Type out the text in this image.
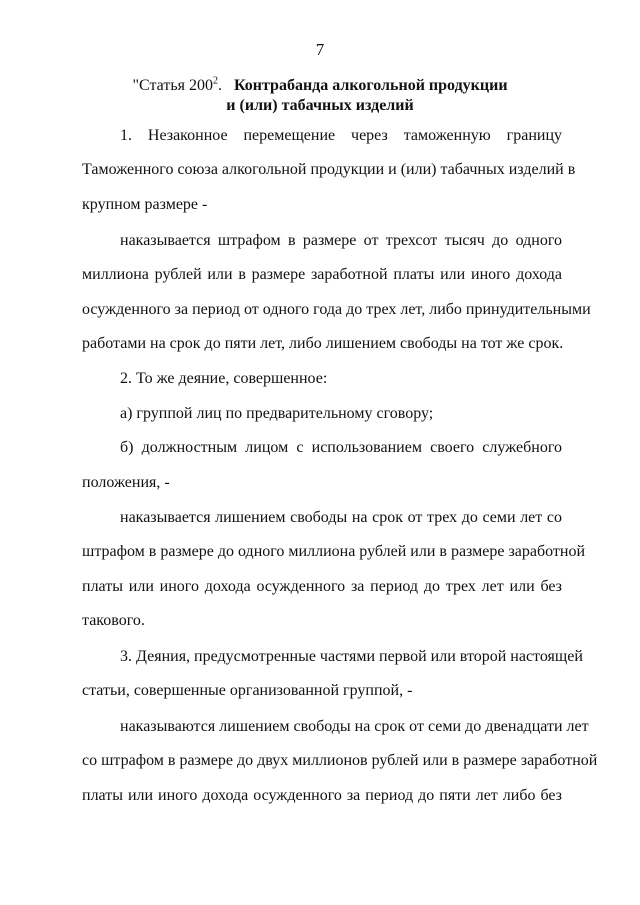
7
"Статья $200^2$. Контрабанда алкогольной продукции
и (или) табачных изделий
1. Незаконное перемещение через таможенную границу
Таможенного союза алкогольной продукции и (или) табачных изделий в
крупном размере -
наказывается штрафом в размере от трехсот тысяч до одного
миллиона рублей или в размере заработной платы или иного дохода
осужденного за период от одного года до трех лет, либо принудительными
работами на срок до пяти лет, либо лишением свободы на тот же срок.
2. То же деяние, совершенное:
а) группой лиц по предварительному сговору;
б) должностным лицом с использованием своего служебного
положения, -
наказывается лишением свободы на срок от трех до семи лет со
штрафом в размере до одного миллиона рублей или в размере заработной
платы или иного дохода осужденного за период до трех лет или без
такового.
3. Деяния, предусмотренные частями первой или второй настоящей
статьи, совершенные организованной группой, -
наказываются лишением свободы на срок от семи до двенадцати лет
со штрафом в размере до двух миллионов рублей или в размере заработной
платы или иного дохода осужденного за период до пяти лет либо без
